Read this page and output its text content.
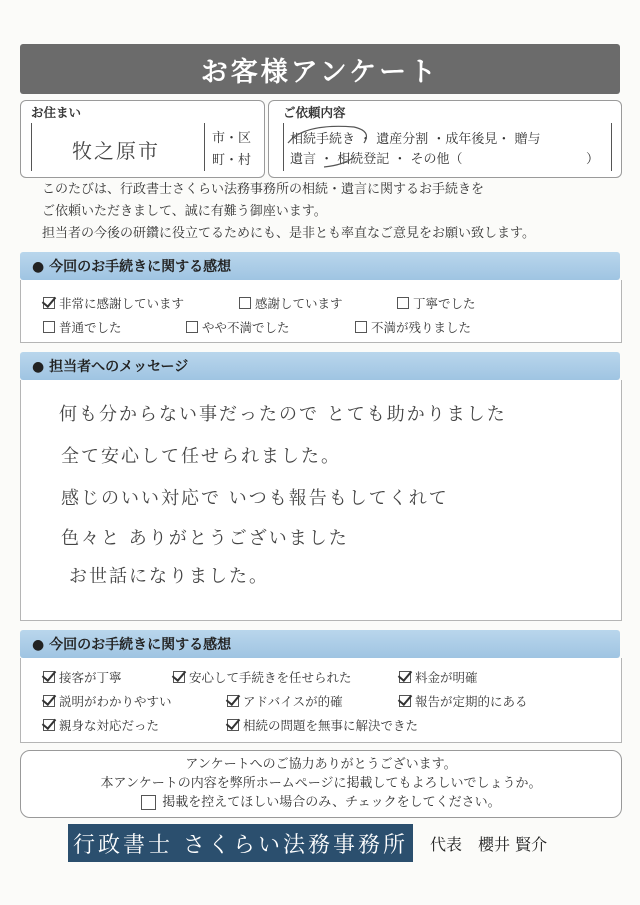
お客様アンケート
お住まい
牧之原市
市・区
町・村
ご依頼内容
相続手続き ・ 遺産分割 ・成年後見・ 贈与
遺言 ・ 相続登記 ・ その他（	）
このたびは、行政書士さくらい法務事務所の相続・遺言に関するお手続きを
ご依頼いただきまして、誠に有難う御座います。
担当者の今後の研鑽に役立てるためにも、是非とも率直なご意見をお願い致します。
● 今回のお手続きに関する感想
非常に感謝しています	感謝しています	丁寧でした
普通でした	やや不満でした	不満が残りました
● 担当者へのメッセージ
何も分からない事だったので とても助かりました
全て安心して任せられました。
感じのいい対応で いつも報告もしてくれて
色々と ありがとうございました
お世話になりました。
● 今回のお手続きに関する感想
接客が丁寧	安心して手続きを任せられた	料金が明確
説明がわかりやすい	アドバイスが的確	報告が定期的にある
親身な対応だった	相続の問題を無事に解決できた
アンケートへのご協力ありがとうございます。
本アンケートの内容を弊所ホームページに掲載してもよろしいでしょうか。
掲載を控えてほしい場合のみ、チェックをしてください。
行政書士 さくらい法務事務所 代表　櫻井 賢介
